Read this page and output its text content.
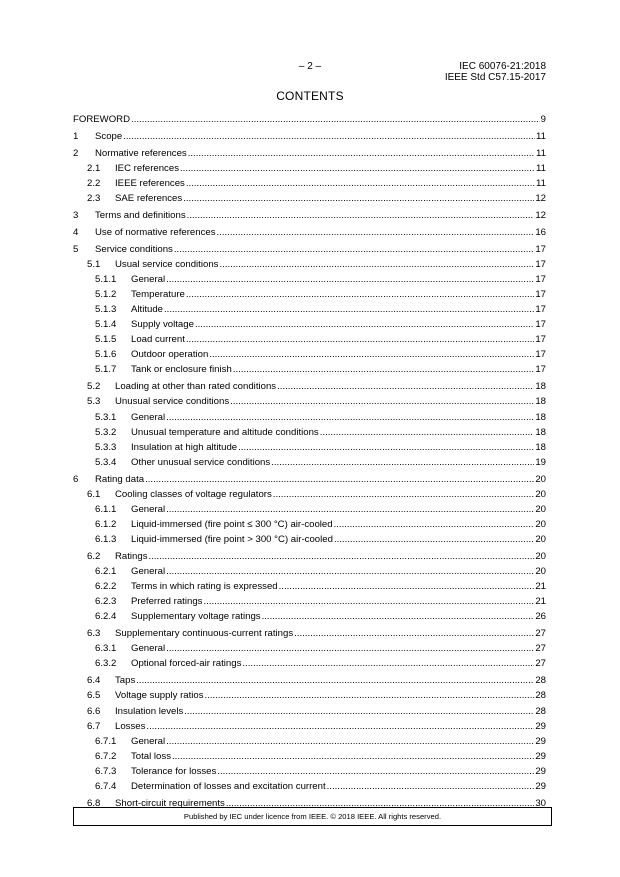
– 2 –	IEC 60076-21:2018
IEEE Std C57.15-2017
CONTENTS
FOREWORD .....	9
1	Scope .....	11
2	Normative references .....	11
2.1	IEC references .....	11
2.2	IEEE references .....	11
2.3	SAE references .....	12
3	Terms and definitions .....	12
4	Use of normative references .....	16
5	Service conditions .....	17
5.1	Usual service conditions .....	17
5.1.1	General .....	17
5.1.2	Temperature .....	17
5.1.3	Altitude .....	17
5.1.4	Supply voltage .....	17
5.1.5	Load current .....	17
5.1.6	Outdoor operation .....	17
5.1.7	Tank or enclosure finish .....	17
5.2	Loading at other than rated conditions .....	18
5.3	Unusual service conditions .....	18
5.3.1	General .....	18
5.3.2	Unusual temperature and altitude conditions .....	18
5.3.3	Insulation at high altitude .....	18
5.3.4	Other unusual service conditions .....	19
6	Rating data .....	20
6.1	Cooling classes of voltage regulators .....	20
6.1.1	General .....	20
6.1.2	Liquid-immersed (fire point ≤ 300 °C) air-cooled .....	20
6.1.3	Liquid-immersed (fire point > 300 °C) air-cooled .....	20
6.2	Ratings .....	20
6.2.1	General .....	20
6.2.2	Terms in which rating is expressed .....	21
6.2.3	Preferred ratings .....	21
6.2.4	Supplementary voltage ratings .....	26
6.3	Supplementary continuous-current ratings .....	27
6.3.1	General .....	27
6.3.2	Optional forced-air ratings .....	27
6.4	Taps .....	28
6.5	Voltage supply ratios .....	28
6.6	Insulation levels .....	28
6.7	Losses .....	29
6.7.1	General .....	29
6.7.2	Total loss .....	29
6.7.3	Tolerance for losses .....	29
6.7.4	Determination of losses and excitation current .....	29
6.8	Short-circuit requirements .....	30
Published by IEC under licence from IEEE. © 2018 IEEE. All rights reserved.
